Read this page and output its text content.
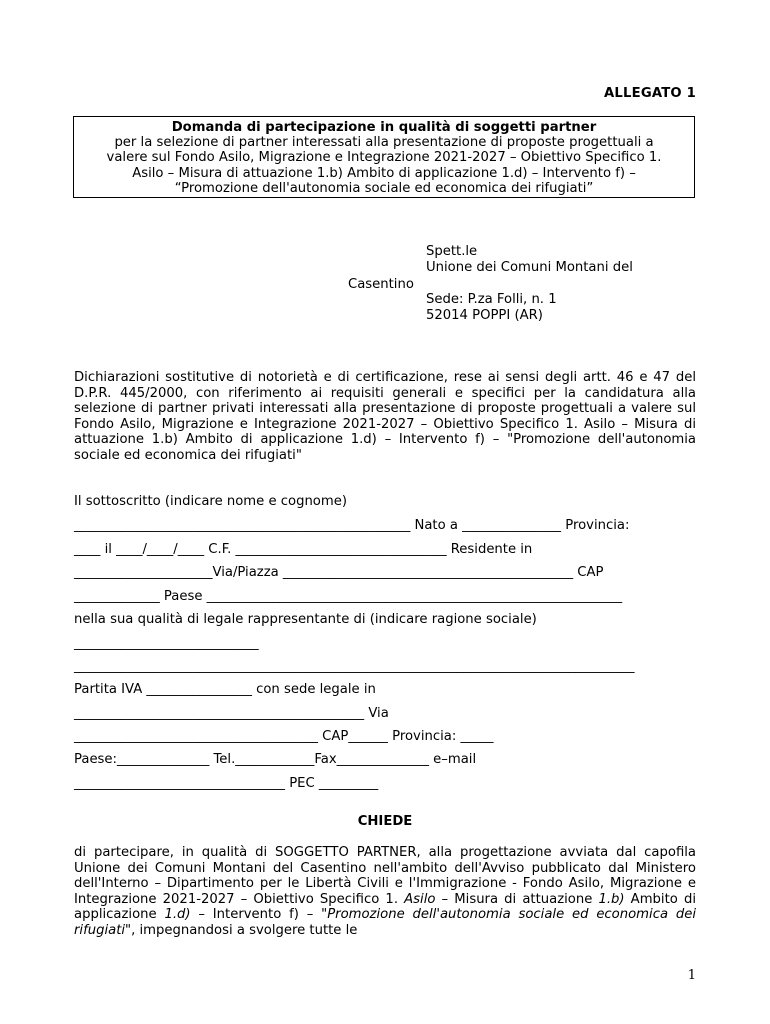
ALLEGATO 1
Domanda di partecipazione in qualità di soggetti partner
per la selezione di partner interessati alla presentazione di proposte progettuali a
valere sul Fondo Asilo, Migrazione e Integrazione 2021-2027 – Obiettivo Specifico 1.
Asilo – Misura di attuazione 1.b) Ambito di applicazione 1.d) – Intervento f) –
“Promozione dell'autonomia sociale ed economica dei rifugiati”
Spett.le
Unione dei Comuni Montani del
Casentino
Sede: P.za Folli, n. 1
52014 POPPI (AR)
Dichiarazioni sostitutive di notorietà e di certificazione, rese ai sensi degli artt. 46 e 47 del D.P.R. 445/2000, con riferimento ai requisiti generali e specifici per la candidatura alla selezione di partner privati interessati alla presentazione di proposte progettuali a valere sul Fondo Asilo, Migrazione e Integrazione 2021-2027 – Obiettivo Specifico 1. Asilo – Misura di attuazione 1.b) Ambito di applicazione 1.d) – Intervento f) – "Promozione dell'autonomia sociale ed economica dei rifugiati"
Il sottoscritto (indicare nome e cognome)
___________________________________________________ Nato a _______________ Provincia:
____ il ____/____/____ C.F. ________________________________ Residente in
_____________________Via/Piazza ____________________________________________ CAP
_____________ Paese _______________________________________________________________
nella sua qualità di legale rappresentante di (indicare ragione sociale)
____________________________
_____________________________________________________________________________________
Partita IVA ________________ con sede legale in
____________________________________________ Via
_____________________________________ CAP______ Provincia: _____
Paese:______________ Tel.____________Fax______________ e–mail
________________________________ PEC _________
CHIEDE
di partecipare, in qualità di SOGGETTO PARTNER, alla progettazione avviata dal capofila Unione dei Comuni Montani del Casentino nell'ambito dell'Avviso pubblicato dal Ministero dell'Interno – Dipartimento per le Libertà Civili e l'Immigrazione - Fondo Asilo, Migrazione e Integrazione 2021-2027 – Obiettivo Specifico 1. Asilo – Misura di attuazione 1.b) Ambito di applicazione 1.d) – Intervento f) – "Promozione dell'autonomia sociale ed economica dei rifugiati", impegnandosi a svolgere tutte le
1
